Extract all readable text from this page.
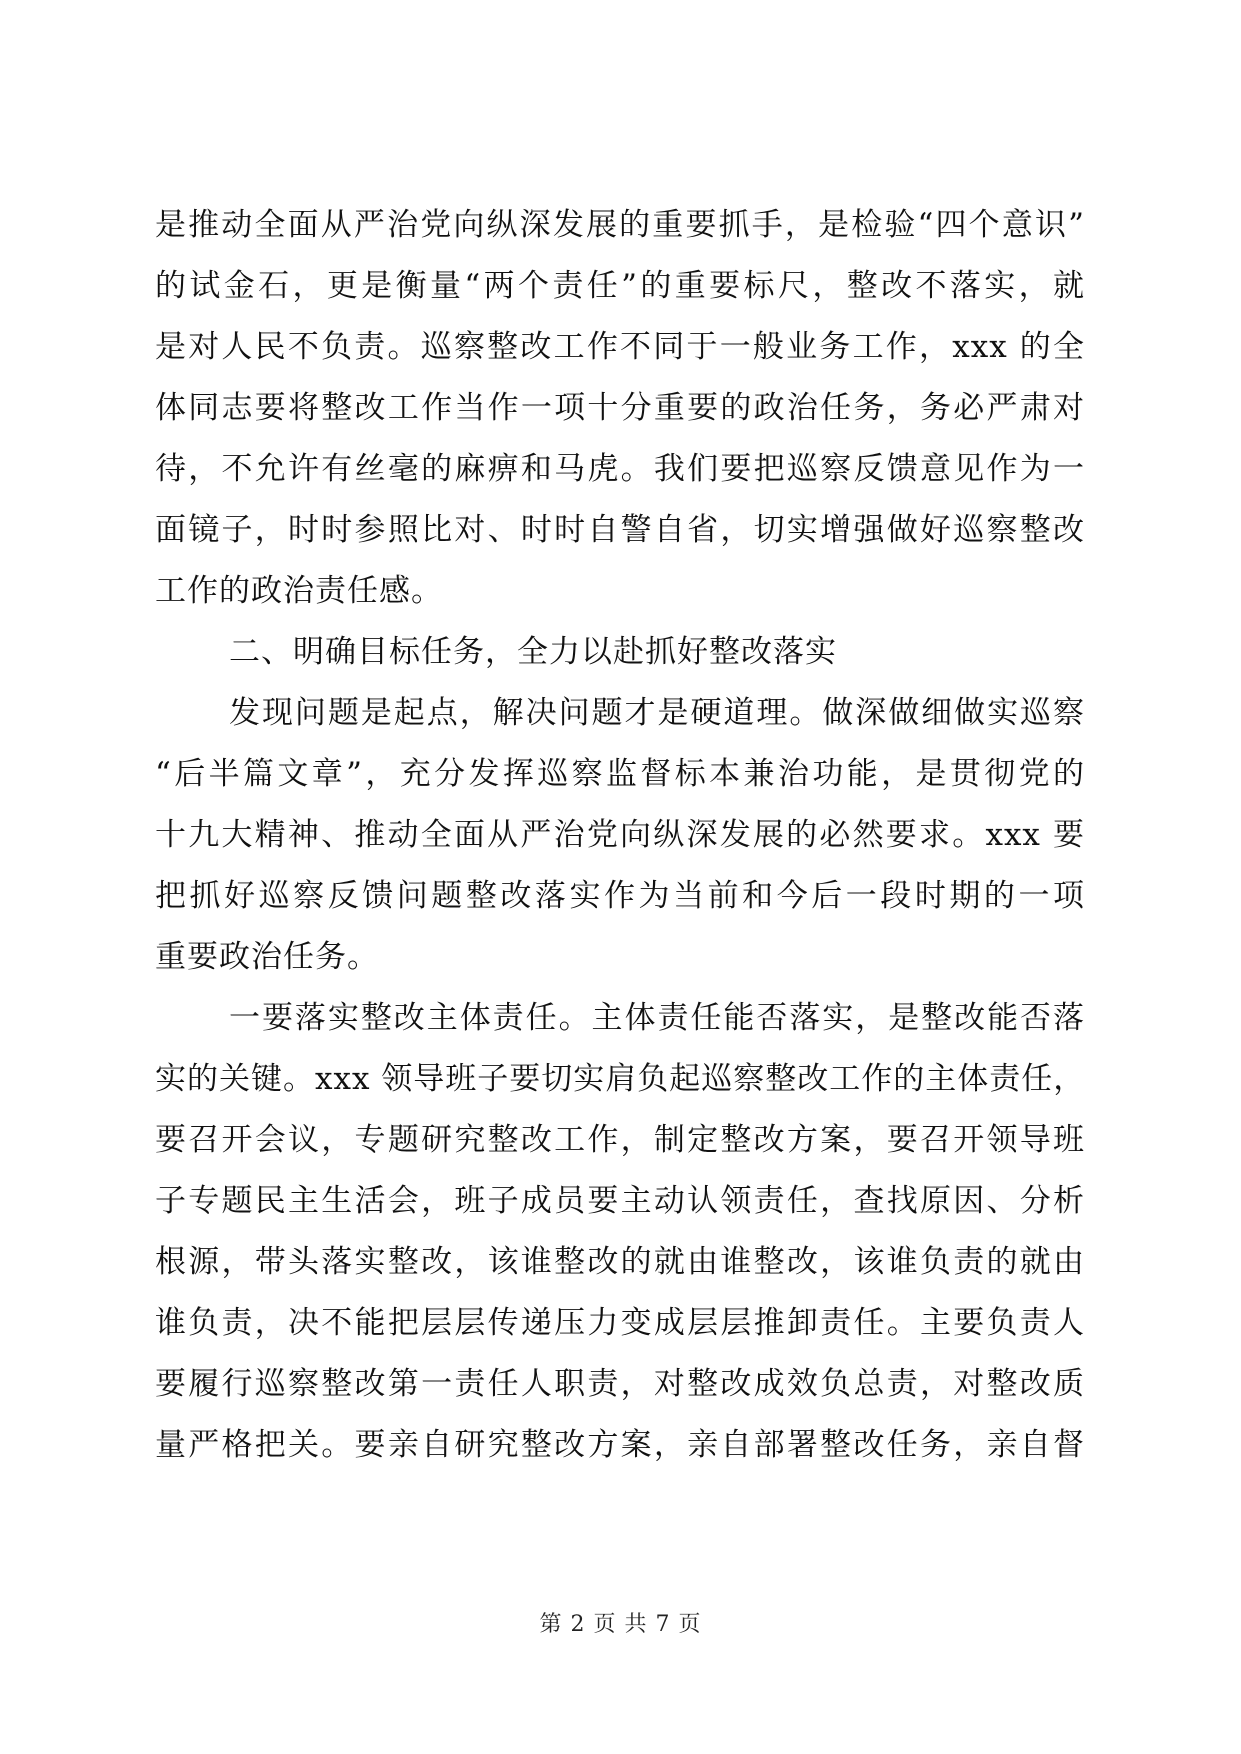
是推动全面从严治党向纵深发展的重要抓手，是检验“四个意识”
的试金石，更是衡量“两个责任”的重要标尺，整改不落实，就
是对人民不负责。巡察整改工作不同于一般业务工作，xxx 的全
体同志要将整改工作当作一项十分重要的政治任务，务必严肃对
待，不允许有丝毫的麻痹和马虎。我们要把巡察反馈意见作为一
面镜子，时时参照比对、时时自警自省，切实增强做好巡察整改
工作的政治责任感。
二、明确目标任务，全力以赴抓好整改落实
发现问题是起点，解决问题才是硬道理。做深做细做实巡察
“后半篇文章”，充分发挥巡察监督标本兼治功能，是贯彻党的
十九大精神、推动全面从严治党向纵深发展的必然要求。xxx 要
把抓好巡察反馈问题整改落实作为当前和今后一段时期的一项
重要政治任务。
一要落实整改主体责任。主体责任能否落实，是整改能否落
实的关键。xxx 领导班子要切实肩负起巡察整改工作的主体责任，
要召开会议，专题研究整改工作，制定整改方案，要召开领导班
子专题民主生活会，班子成员要主动认领责任，查找原因、分析
根源，带头落实整改，该谁整改的就由谁整改，该谁负责的就由
谁负责，决不能把层层传递压力变成层层推卸责任。主要负责人
要履行巡察整改第一责任人职责，对整改成效负总责，对整改质
量严格把关。要亲自研究整改方案，亲自部署整改任务，亲自督
第 2 页 共 7 页
